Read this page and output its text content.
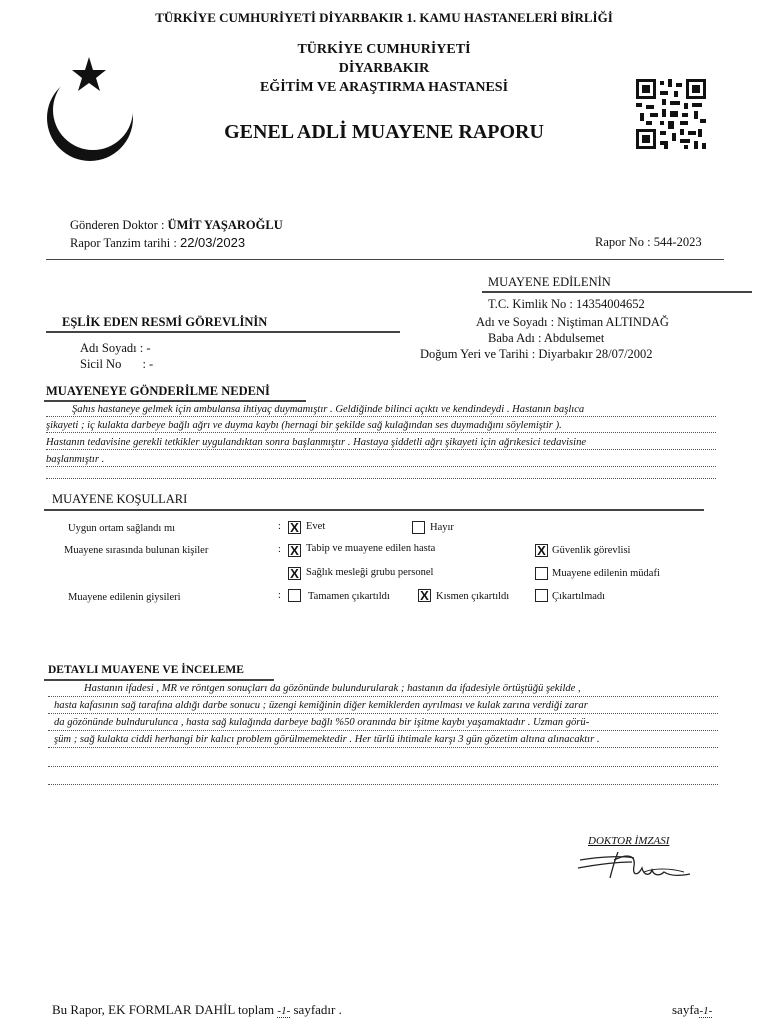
TÜRKİYE CUMHURİYETİ DİYARBAKIR 1. KAMU HASTANELERİ BİRLİĞİ
TÜRKİYE CUMHURİYETİ
DİYARBAKIR
EĞİTİM VE ARAŞTIRMA HASTANESİ
GENEL ADLİ MUAYENE RAPORU
Gönderen Doktor : ÜMİT YAŞAROĞLU
Rapor Tanzim tarihi : 22/03/2023	Rapor No : 544-2023
MUAYENE EDİLENİN
T.C. Kimlik No : 14354004652
Adı ve Soyadı : Niştiman ALTINDAĞ
Baba Adı : Abdulsemet
Doğum Yeri ve Tarihi : Diyarbakır 28/07/2002
EŞLİK EDEN RESMİ GÖREVLİNİN
Adı Soyadı : -
Sicil No : -
MUAYENEYE GÖNDERİLME NEDENİ
Şahıs hastaneye gelmek için ambulansa ihtiyaç duymamıştır . Geldiğinde bilinci açıktı ve kendindeydi . Hastanın başlıca
şikayeti ; iç kulakta darbeye bağlı ağrı ve duyma kaybı (hernagi bir şekilde sağ kulağından ses duymadığını söylemiştir ).
Hastanın tedavisine gerekli tetkikler uygulandıktan sonra başlanmıştır . Hastaya şiddetli ağrı şikayeti için ağrıkesici tedavisine
başlanmıştır .
MUAYENE KOŞULLARI
Uygun ortam sağlandı mı	: X Evet	Hayır
Muayene sırasında bulunan kişiler	: X Tabip ve muayene edilen hasta	X Güvenlik görevlisi
X Sağlık mesleği grubu personel	Muayene edilenin müdafi
Muayene edilenin giysileri	:	Tamamen çıkartıldı X Kısmen çıkartıldı	Çıkartılmadı
DETAYLI MUAYENE VE İNCELEME
Hastanın ifadesi , MR ve röntgen sonuçları da gözönünde bulundurularak ; hastanın da ifadesiyle örtüştüğü şekilde ,
hasta kafasının sağ tarafına aldığı darbe sonucu ; üzengi kemiğinin diğer kemiklerden ayrılması ve kulak zarına verdiği zarar
da gözönünde bulndurulunca , hasta sağ kulağında darbeye bağlı %50 oranında bir işitme kaybı yaşamaktadır . Uzman görü-
şüm ; sağ kulakta ciddi herhangi bir kalıcı problem görülmemektedir . Her türlü ihtimale karşı 3 gün gözetim altına alınacaktır .
DOKTOR İMZASI
Bu Rapor, EK FORMLAR DAHİL toplam -1- sayfadır .	sayfa-1-
